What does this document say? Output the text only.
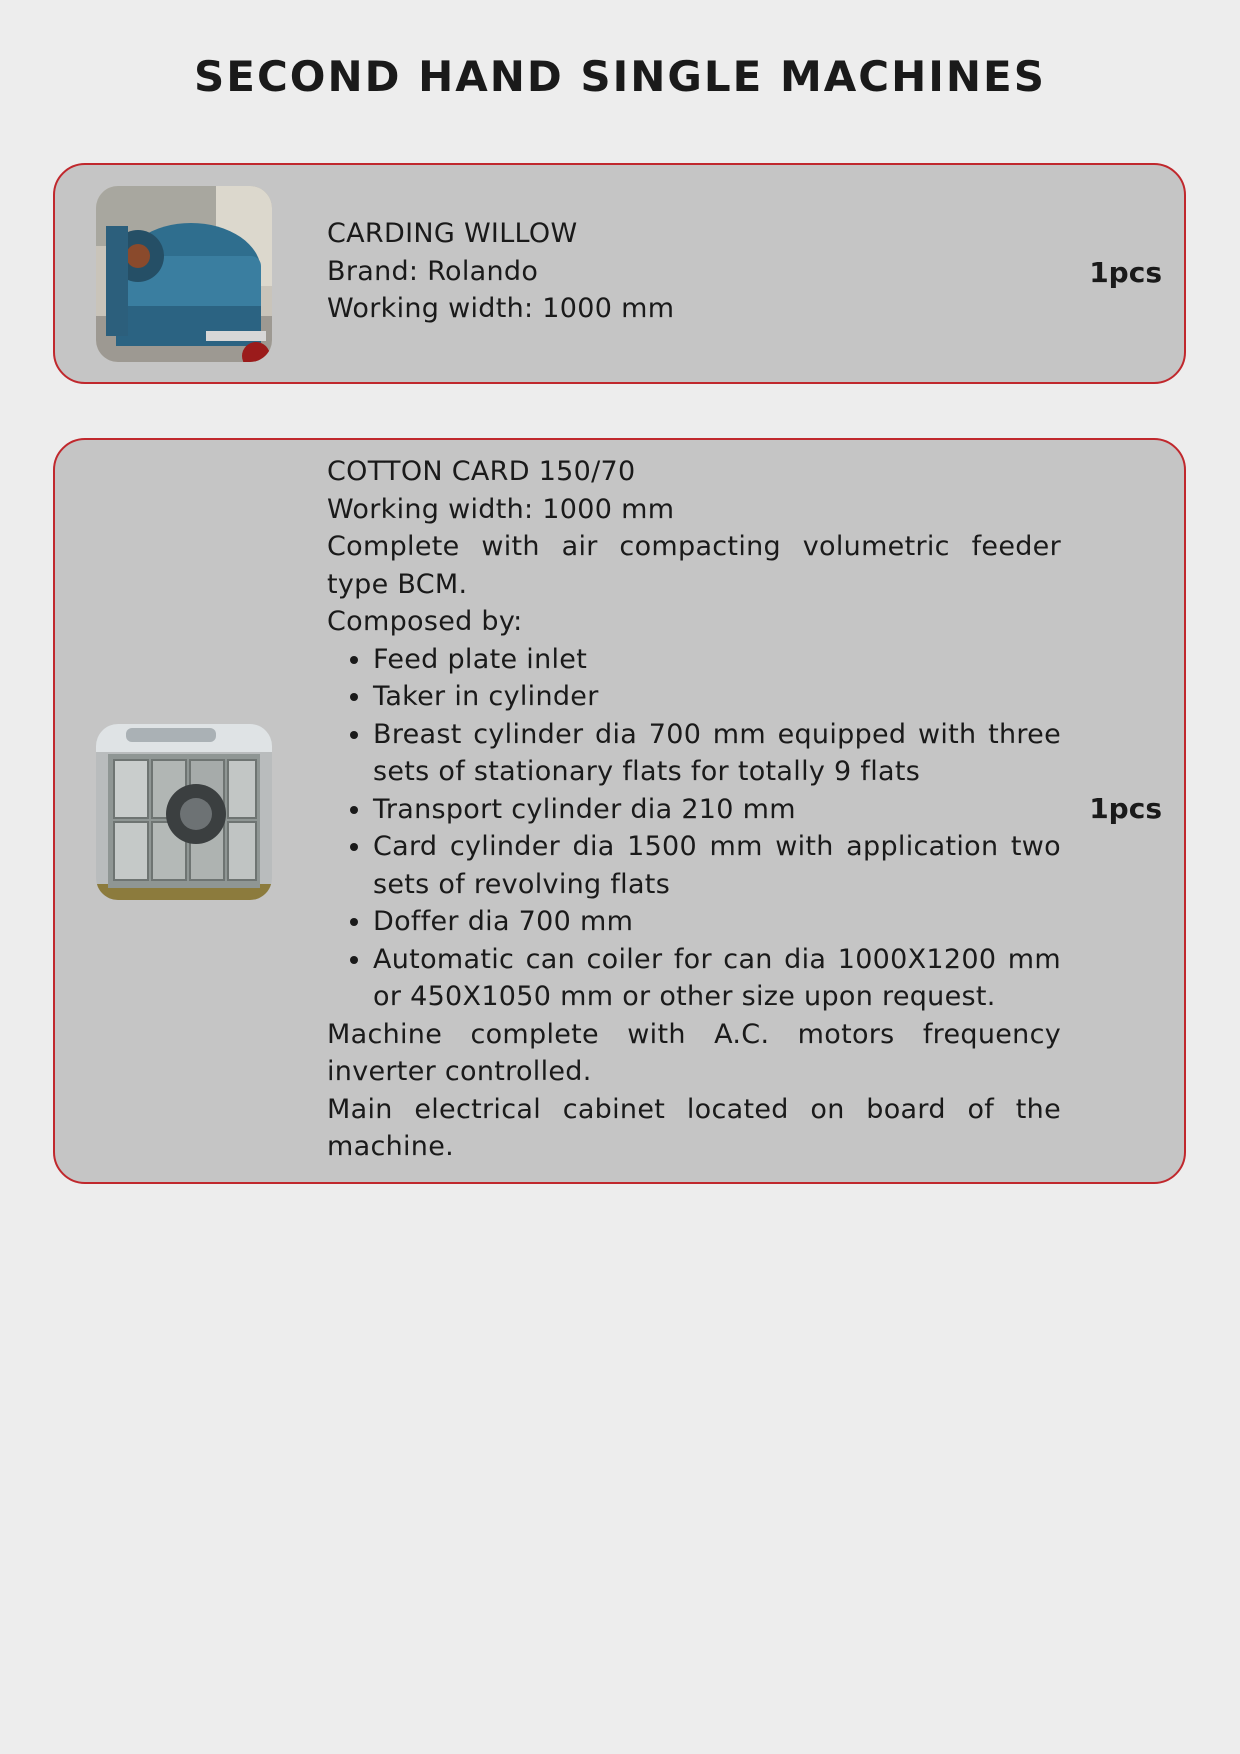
SECOND HAND SINGLE MACHINES

CARDING WILLOW

Brand: Rolando

Working width: 1000 mm

1pcs

COTTON CARD 150/70

Working width: 1000 mm

Complete with air compacting volumetric feeder type BCM.

Composed by:

• Feed plate inlet
• Taker in cylinder
• Breast cylinder dia 700 mm equipped with three sets of stationary flats for totally 9 flats
• Transport cylinder dia 210 mm
• Card cylinder dia 1500 mm with application two sets of revolving flats
• Doffer dia 700 mm
• Automatic can coiler for can dia 1000X1200 mm or 450X1050 mm or other size upon request.

Machine complete with A.C. motors frequency inverter controlled.

Main electrical cabinet located on board of the machine.

1pcs
